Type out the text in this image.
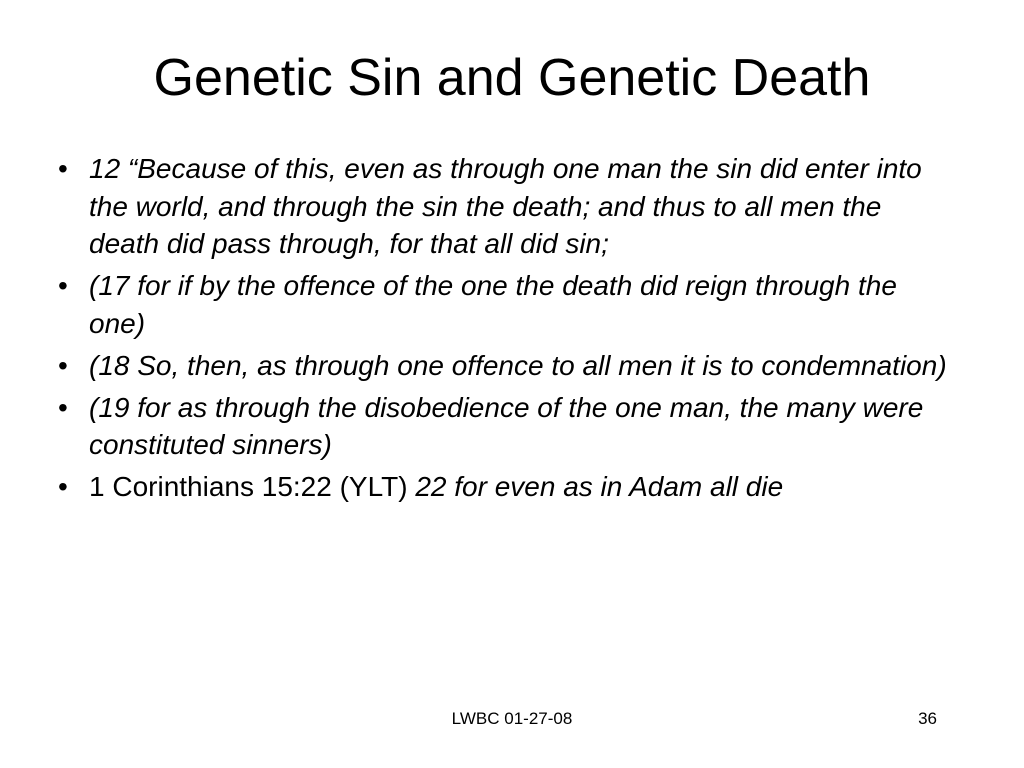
Genetic Sin and Genetic Death
• 12 “Because of this, even as through one man the sin did enter into the world, and through the sin the death; and thus to all men the death did pass through, for that all did sin;
• (17 for if by the offence of the one the death did reign through the one)
• (18 So, then, as through one offence to all men it is to condemnation)
• (19 for as through the disobedience of the one man, the many were constituted sinners)
• 1 Corinthians 15:22 (YLT) 22 for even as in Adam all die
LWBC 01-27-08	36
